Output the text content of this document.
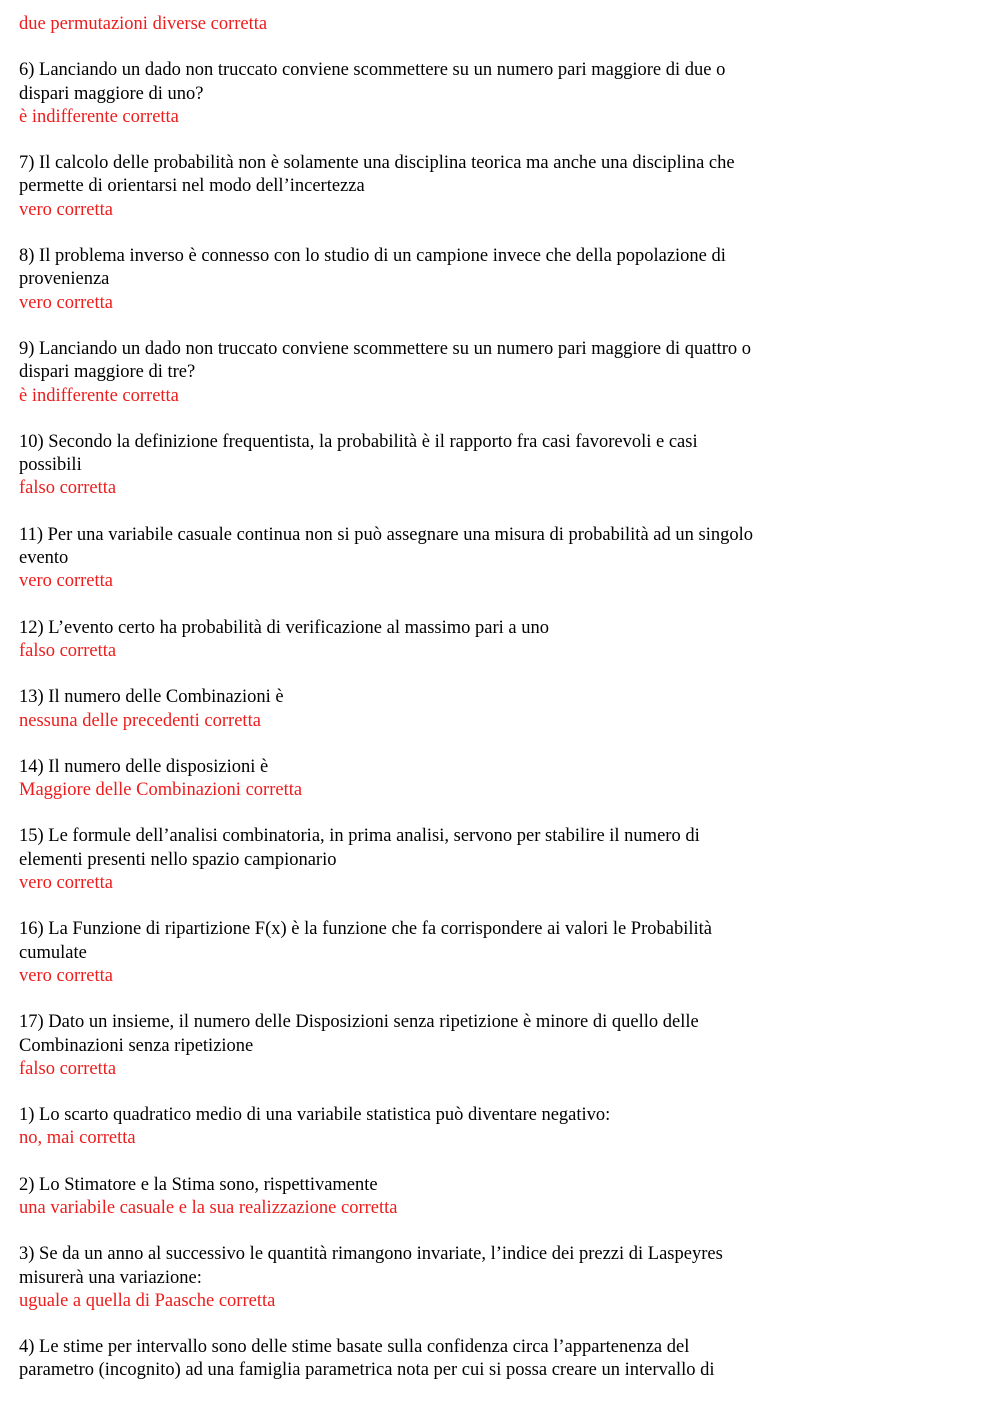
due permutazioni diverse corretta
6) Lanciando un dado non truccato conviene scommettere su un numero pari maggiore di due o
dispari maggiore di uno?
è indifferente corretta
7) Il calcolo delle probabilità non è solamente una disciplina teorica ma anche una disciplina che
permette di orientarsi nel modo dell’incertezza
vero corretta
8) Il problema inverso è connesso con lo studio di un campione invece che della popolazione di
provenienza
vero corretta
9) Lanciando un dado non truccato conviene scommettere su un numero pari maggiore di quattro o
dispari maggiore di tre?
è indifferente corretta
10) Secondo la definizione frequentista, la probabilità è il rapporto fra casi favorevoli e casi
possibili
falso corretta
11) Per una variabile casuale continua non si può assegnare una misura di probabilità ad un singolo
evento
vero corretta
12) L’evento certo ha probabilità di verificazione al massimo pari a uno
falso corretta
13) Il numero delle Combinazioni è
nessuna delle precedenti corretta
14) Il numero delle disposizioni è
Maggiore delle Combinazioni corretta
15) Le formule dell’analisi combinatoria, in prima analisi, servono per stabilire il numero di
elementi presenti nello spazio campionario
vero corretta
16) La Funzione di ripartizione F(x) è la funzione che fa corrispondere ai valori le Probabilità
cumulate
vero corretta
17) Dato un insieme, il numero delle Disposizioni senza ripetizione è minore di quello delle
Combinazioni senza ripetizione
falso corretta
1) Lo scarto quadratico medio di una variabile statistica può diventare negativo:
no, mai corretta
2) Lo Stimatore e la Stima sono, rispettivamente
una variabile casuale e la sua realizzazione corretta
3) Se da un anno al successivo le quantità rimangono invariate, l’indice dei prezzi di Laspeyres
misurerà una variazione:
uguale a quella di Paasche corretta
4) Le stime per intervallo sono delle stime basate sulla confidenza circa l’appartenenza del
parametro (incognito) ad una famiglia parametrica nota per cui si possa creare un intervallo di
